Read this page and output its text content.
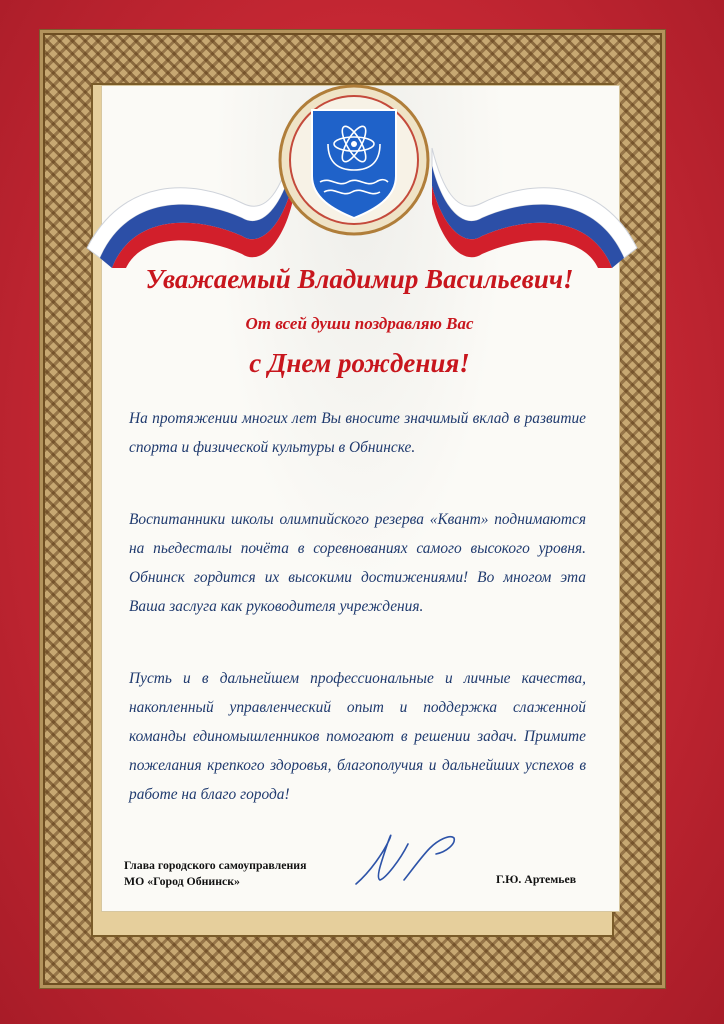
Уважаемый Владимир Васильевич!
От всей души поздравляю Вас
с Днем рождения!

На протяжении многих лет Вы вносите значимый вклад в развитие спорта и физической культуры в Обнинске.

Воспитанники школы олимпийского резерва «Квант» поднимаются на пьедесталы почёта в соревнованиях самого высокого уровня. Обнинск гордится их высокими достижениями! Во многом эта Ваша заслуга как руководителя учреждения.

Пусть и в дальнейшем профессиональные и личные качества, накопленный управленческий опыт и поддержка слаженной команды единомышленников помогают в решении задач. Примите пожелания крепкого здоровья, благополучия и дальнейших успехов в работе на благо города!

Глава городского самоуправления
МО «Город Обнинск»	Г.Ю. Артемьев
